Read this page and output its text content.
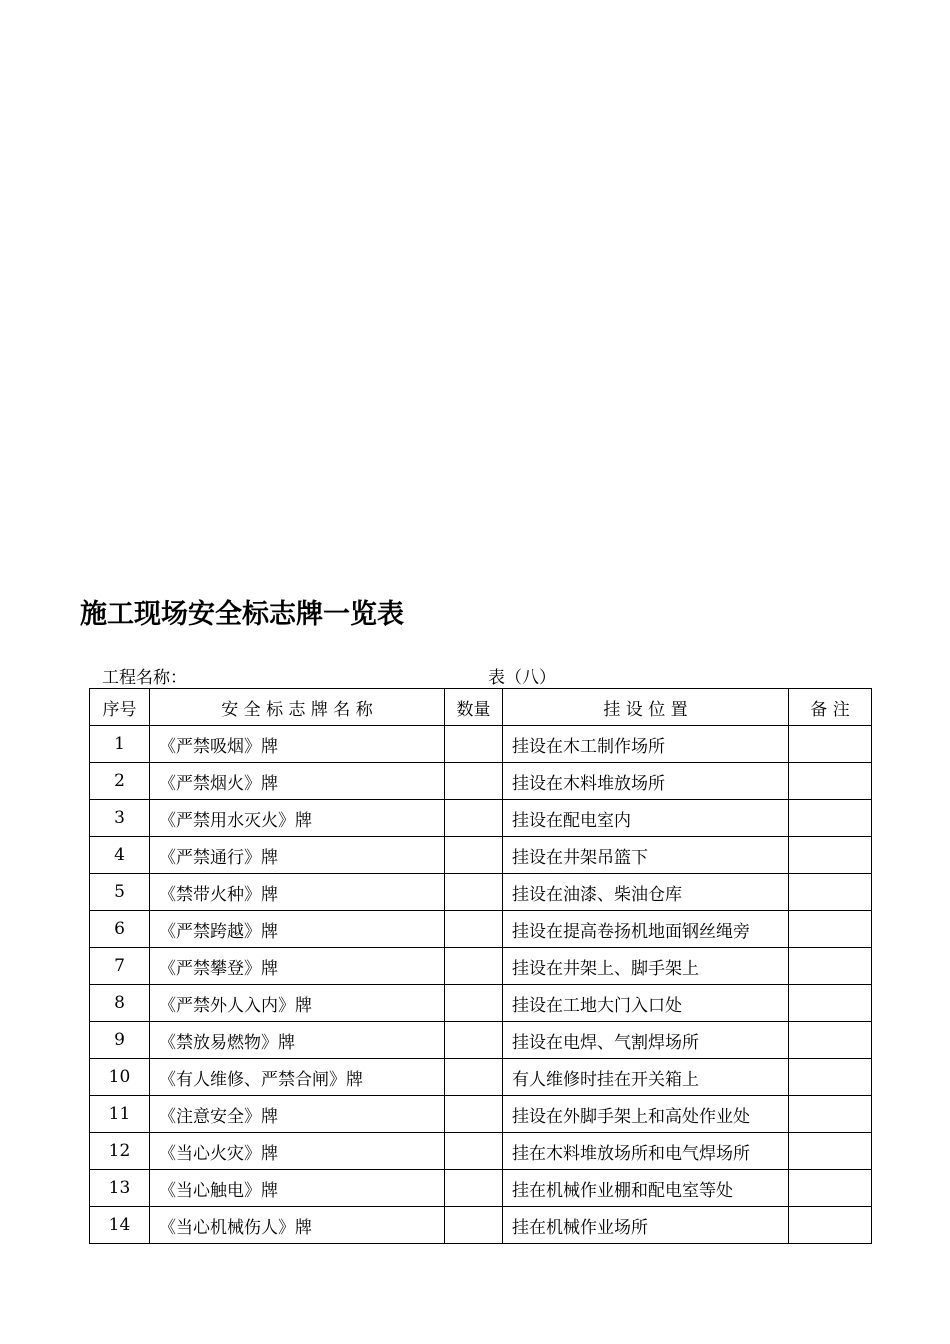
施工现场安全标志牌一览表
工程名称：	表（八）
序号	安 全 标 志 牌 名 称	数量	挂 设 位 置	备 注
1	《严禁吸烟》牌		挂设在木工制作场所	
2	《严禁烟火》牌		挂设在木料堆放场所	
3	《严禁用水灭火》牌		挂设在配电室内	
4	《严禁通行》牌		挂设在井架吊篮下	
5	《禁带火种》牌		挂设在油漆、柴油仓库	
6	《严禁跨越》牌		挂设在提高卷扬机地面钢丝绳旁	
7	《严禁攀登》牌		挂设在井架上、脚手架上	
8	《严禁外人入内》牌		挂设在工地大门入口处	
9	《禁放易燃物》牌		挂设在电焊、气割焊场所	
10	《有人维修、严禁合闸》牌		有人维修时挂在开关箱上	
11	《注意安全》牌		挂设在外脚手架上和高处作业处	
12	《当心火灾》牌		挂在木料堆放场所和电气焊场所	
13	《当心触电》牌		挂在机械作业棚和配电室等处	
14	《当心机械伤人》牌		挂在机械作业场所	
